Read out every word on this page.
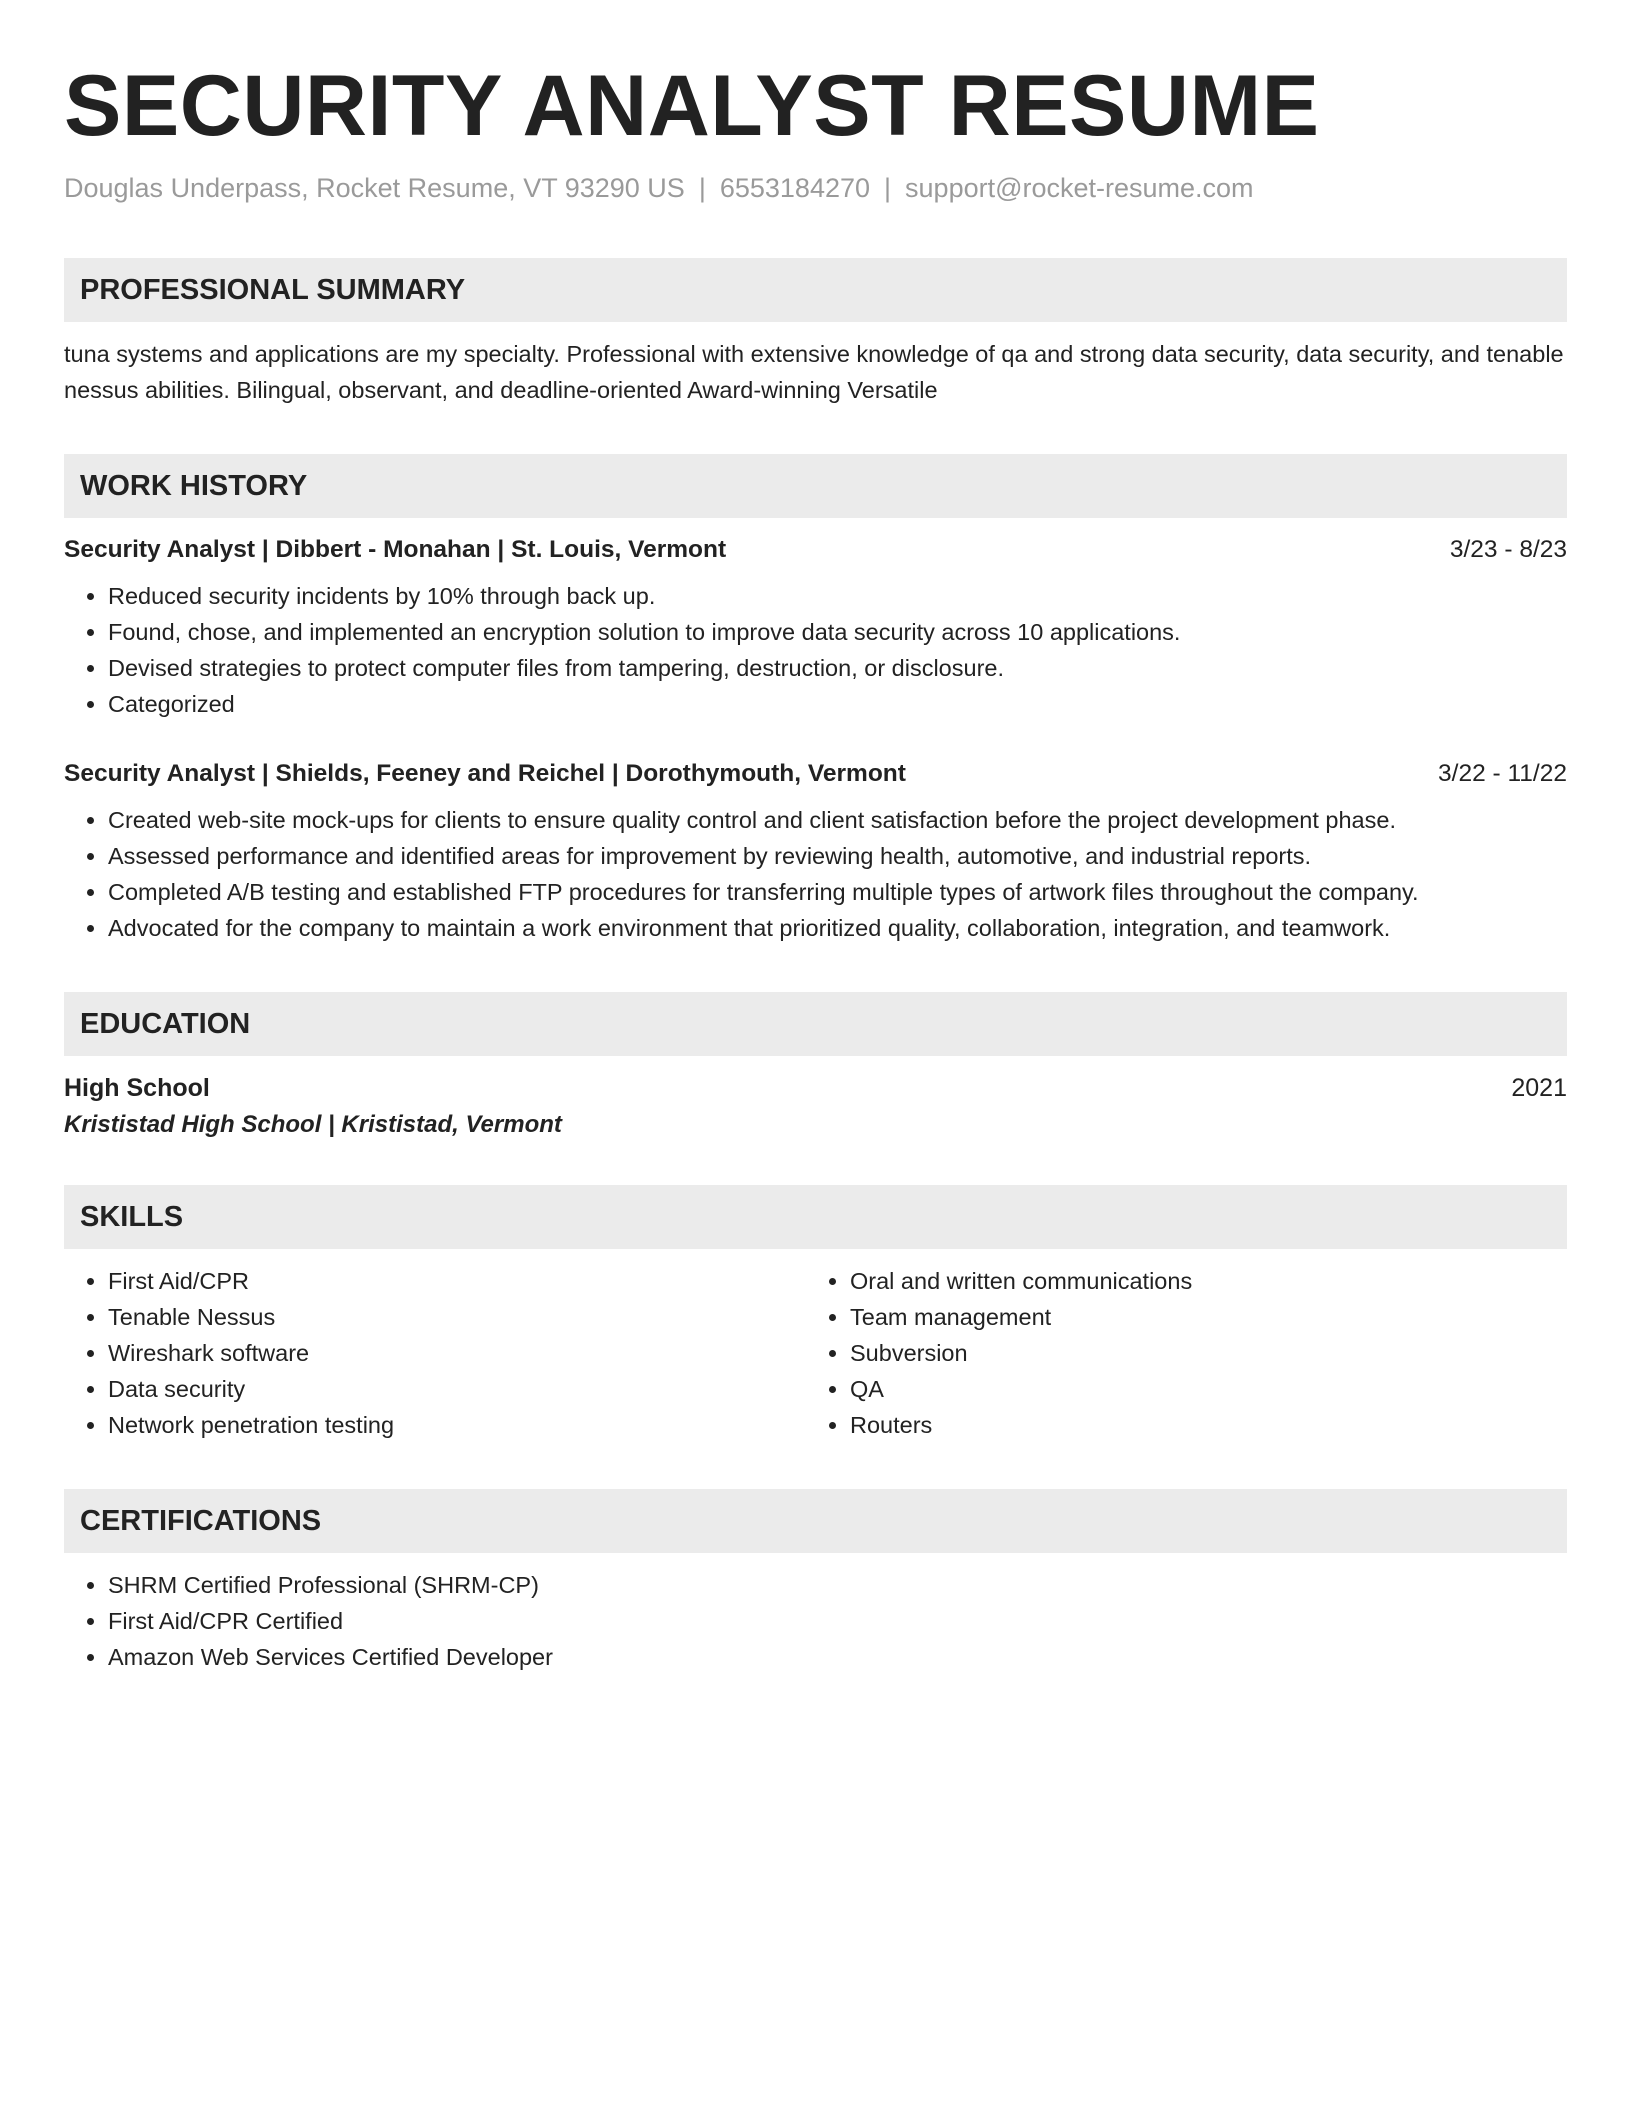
SECURITY ANALYST RESUME
Douglas Underpass, Rocket Resume, VT 93290 US | 6553184270 | support@rocket-resume.com
PROFESSIONAL SUMMARY
tuna systems and applications are my specialty. Professional with extensive knowledge of qa and strong data security, data security, and tenable nessus abilities. Bilingual, observant, and deadline-oriented Award-winning Versatile
WORK HISTORY
Security Analyst | Dibbert - Monahan | St. Louis, Vermont	3/23 - 8/23
• Reduced security incidents by 10% through back up.
• Found, chose, and implemented an encryption solution to improve data security across 10 applications.
• Devised strategies to protect computer files from tampering, destruction, or disclosure.
• Categorized
Security Analyst | Shields, Feeney and Reichel | Dorothymouth, Vermont	3/22 - 11/22
• Created web-site mock-ups for clients to ensure quality control and client satisfaction before the project development phase.
• Assessed performance and identified areas for improvement by reviewing health, automotive, and industrial reports.
• Completed A/B testing and established FTP procedures for transferring multiple types of artwork files throughout the company.
• Advocated for the company to maintain a work environment that prioritized quality, collaboration, integration, and teamwork.
EDUCATION
High School	2021
Krististad High School | Krististad, Vermont
SKILLS
• First Aid/CPR
• Tenable Nessus
• Wireshark software
• Data security
• Network penetration testing
• Oral and written communications
• Team management
• Subversion
• QA
• Routers
CERTIFICATIONS
• SHRM Certified Professional (SHRM-CP)
• First Aid/CPR Certified
• Amazon Web Services Certified Developer
